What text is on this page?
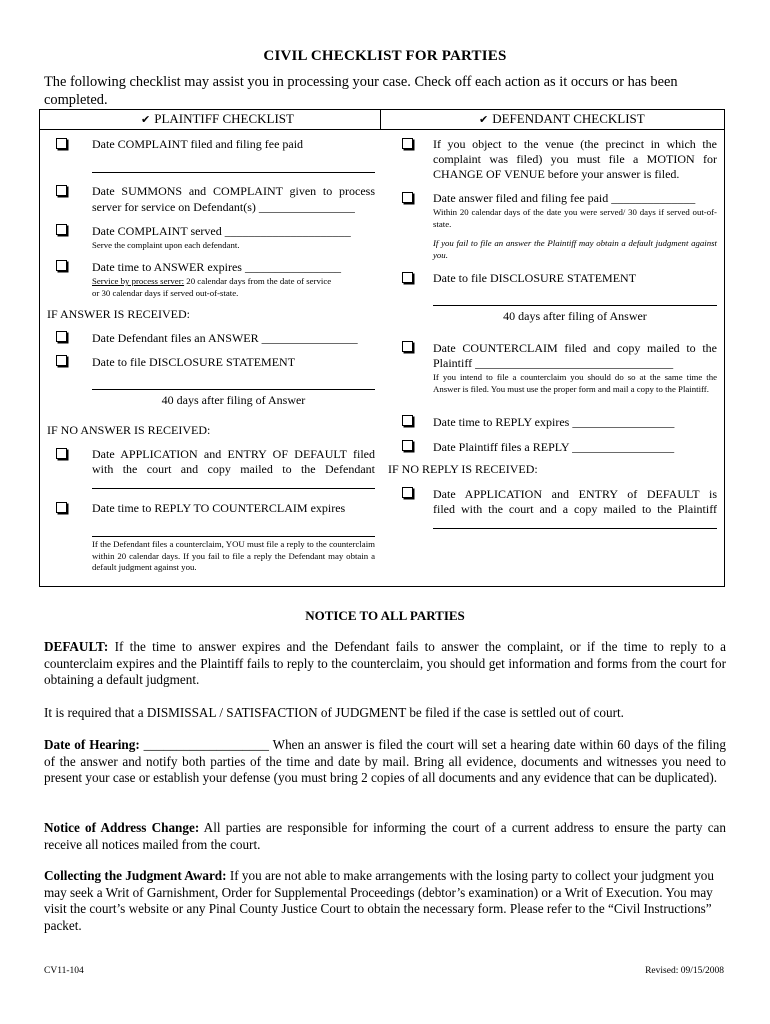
CIVIL CHECKLIST FOR PARTIES
The following checklist may assist you in processing your case. Check off each action as it occurs or has been completed.
✔ PLAINTIFF CHECKLIST	✔ DEFENDANT CHECKLIST
Date COMPLAINT filed and filing fee paid
Date SUMMONS and COMPLAINT given to process
server for service on Defendant(s) ________________
Date COMPLAINT served _____________________
Serve the complaint upon each defendant.
Date time to ANSWER expires ________________
Service by process server: 20 calendar days from the date of service
or 30 calendar days if served out-of-state.
IF ANSWER IS RECEIVED:
Date Defendant files an ANSWER ________________
Date to file DISCLOSURE STATEMENT
40 days after filing of Answer
IF NO ANSWER IS RECEIVED:
Date APPLICATION and ENTRY OF DEFAULT filed
with the court and copy mailed to the Defendant
Date time to REPLY TO COUNTERCLAIM expires
If the Defendant files a counterclaim, YOU must file a reply to the counterclaim within 20 calendar days. If you fail to file a reply the Defendant may obtain a default judgment against you.
If you object to the venue (the precinct in which the
complaint was filed) you must file a MOTION for
CHANGE OF VENUE before your answer is filed.
Date answer filed and filing fee paid ______________
Within 20 calendar days of the date you were served/ 30 days if served out-of-state.
If you fail to file an answer the Plaintiff may obtain a default judgment against you.
Date to file DISCLOSURE STATEMENT
40 days after filing of Answer
Date COUNTERCLAIM filed and copy mailed to the
Plaintiff _________________________________
If you intend to file a counterclaim you should do so at the same time the Answer is filed. You must use the proper form and mail a copy to the Plaintiff.
Date time to REPLY expires _________________
Date Plaintiff files a REPLY _________________
IF NO REPLY IS RECEIVED:
Date APPLICATION and ENTRY of DEFAULT is
filed with the court and a copy mailed to the Plaintiff
NOTICE TO ALL PARTIES
DEFAULT: If the time to answer expires and the Defendant fails to answer the complaint, or if the time to reply to a counterclaim expires and the Plaintiff fails to reply to the counterclaim, you should get information and forms from the court for obtaining a default judgment.
It is required that a DISMISSAL / SATISFACTION of JUDGMENT be filed if the case is settled out of court.
Date of Hearing: ___________________ When an answer is filed the court will set a hearing date within 60 days of the filing of the answer and notify both parties of the time and date by mail. Bring all evidence, documents and witnesses you need to present your case or establish your defense (you must bring 2 copies of all documents and any evidence that can be duplicated).
Notice of Address Change: All parties are responsible for informing the court of a current address to ensure the party can receive all notices mailed from the court.
Collecting the Judgment Award: If you are not able to make arrangements with the losing party to collect your judgment you may seek a Writ of Garnishment, Order for Supplemental Proceedings (debtor’s examination) or a Writ of Execution. You may visit the court’s website or any Pinal County Justice Court to obtain the necessary form. Please refer to the “Civil Instructions” packet.
CV11-104	Revised: 09/15/2008
